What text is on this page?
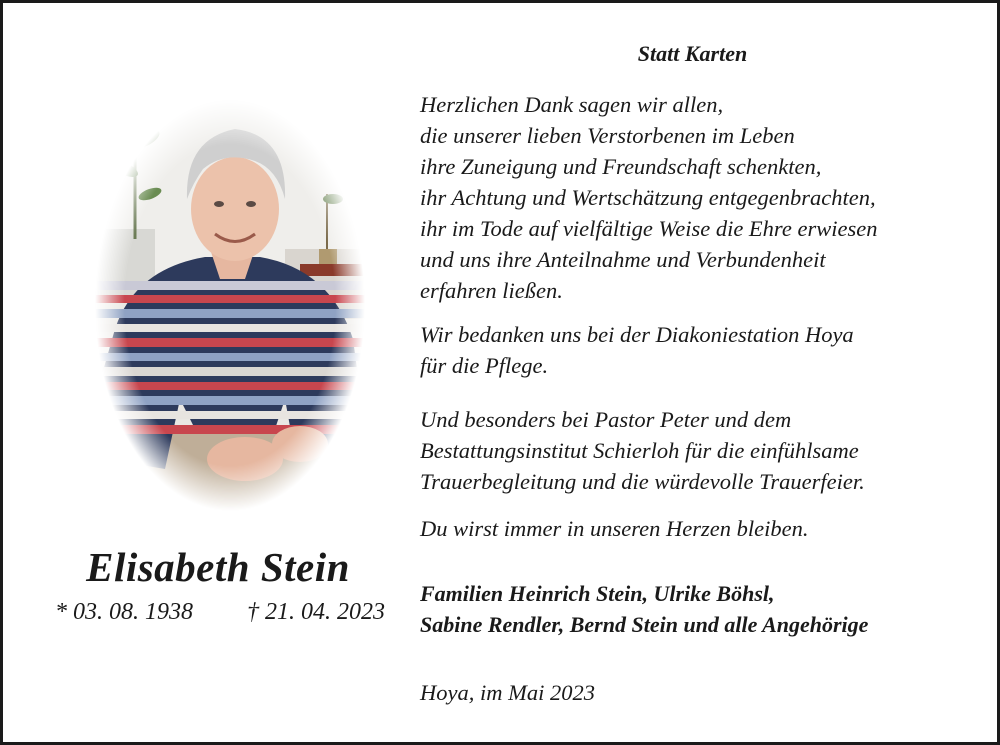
Elisabeth Stein
* 03. 08. 1938 † 21. 04. 2023
Statt Karten

Herzlichen Dank sagen wir allen,
die unserer lieben Verstorbenen im Leben
ihre Zuneigung und Freundschaft schenkten,
ihr Achtung und Wertschätzung entgegenbrachten,
ihr im Tode auf vielfältige Weise die Ehre erwiesen
und uns ihre Anteilnahme und Verbundenheit
erfahren ließen.

Wir bedanken uns bei der Diakoniestation Hoya
für die Pflege.

Und besonders bei Pastor Peter und dem
Bestattungsinstitut Schierloh für die einfühlsame
Trauerbegleitung und die würdevolle Trauerfeier.

Du wirst immer in unseren Herzen bleiben.

Familien Heinrich Stein, Ulrike Böhsl,
Sabine Rendler, Bernd Stein und alle Angehörige
Hoya, im Mai 2023
